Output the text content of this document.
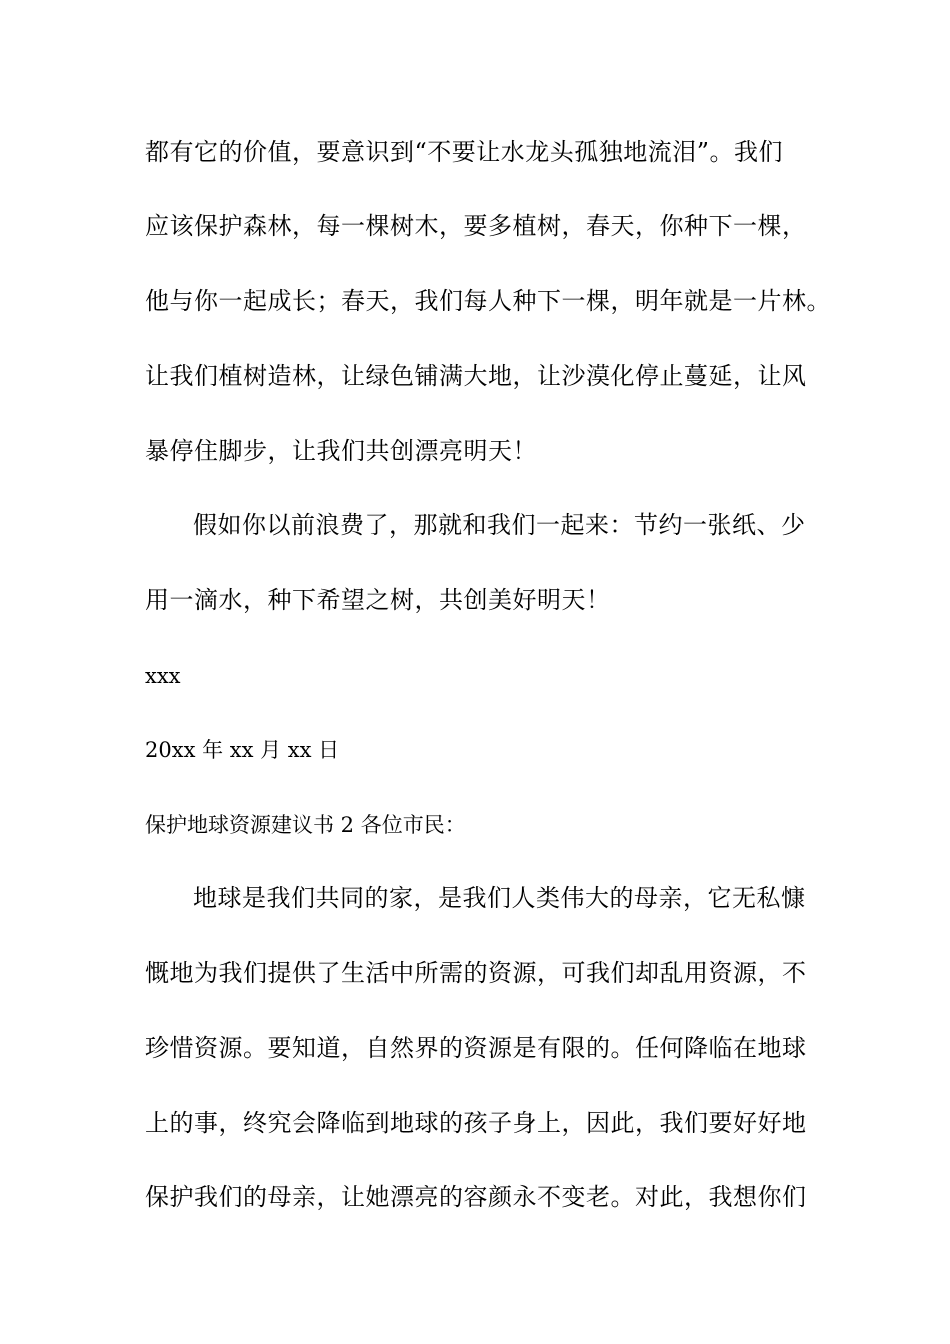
都有它的价值，要意识到“不要让水龙头孤独地流泪”。我们
应该保护森林，每一棵树木，要多植树，春天，你种下一棵，
他与你一起成长；春天，我们每人种下一棵，明年就是一片林。
让我们植树造林，让绿色铺满大地，让沙漠化停止蔓延，让风
暴停住脚步，让我们共创漂亮明天！
假如你以前浪费了，那就和我们一起来：节约一张纸、少
用一滴水，种下希望之树，共创美好明天！
xxx
20xx 年 xx 月 xx 日
保护地球资源建议书 2 各位市民：
地球是我们共同的家，是我们人类伟大的母亲，它无私慷
慨地为我们提供了生活中所需的资源，可我们却乱用资源，不
珍惜资源。要知道，自然界的资源是有限的。任何降临在地球
上的事，终究会降临到地球的孩子身上，因此，我们要好好地
保护我们的母亲，让她漂亮的容颜永不变老。对此，我想你们
